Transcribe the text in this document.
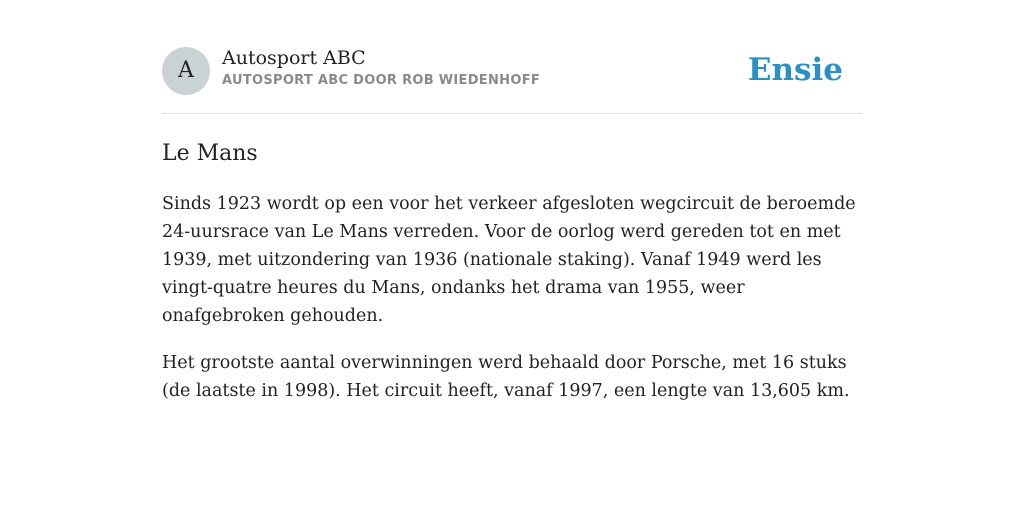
A	Autosport ABC
AUTOSPORT ABC DOOR ROB WIEDENHOFF	Ensie
Le Mans

Sinds 1923 wordt op een voor het verkeer afgesloten wegcircuit de beroemde 24-uursrace van Le Mans verreden. Voor de oorlog werd gereden tot en met 1939, met uitzondering van 1936 (nationale staking). Vanaf 1949 werd les vingt-quatre heures du Mans, ondanks het drama van 1955, weer onafgebroken gehouden.

Het grootste aantal overwinningen werd behaald door Porsche, met 16 stuks (de laatste in 1998). Het circuit heeft, vanaf 1997, een lengte van 13,605 km.
